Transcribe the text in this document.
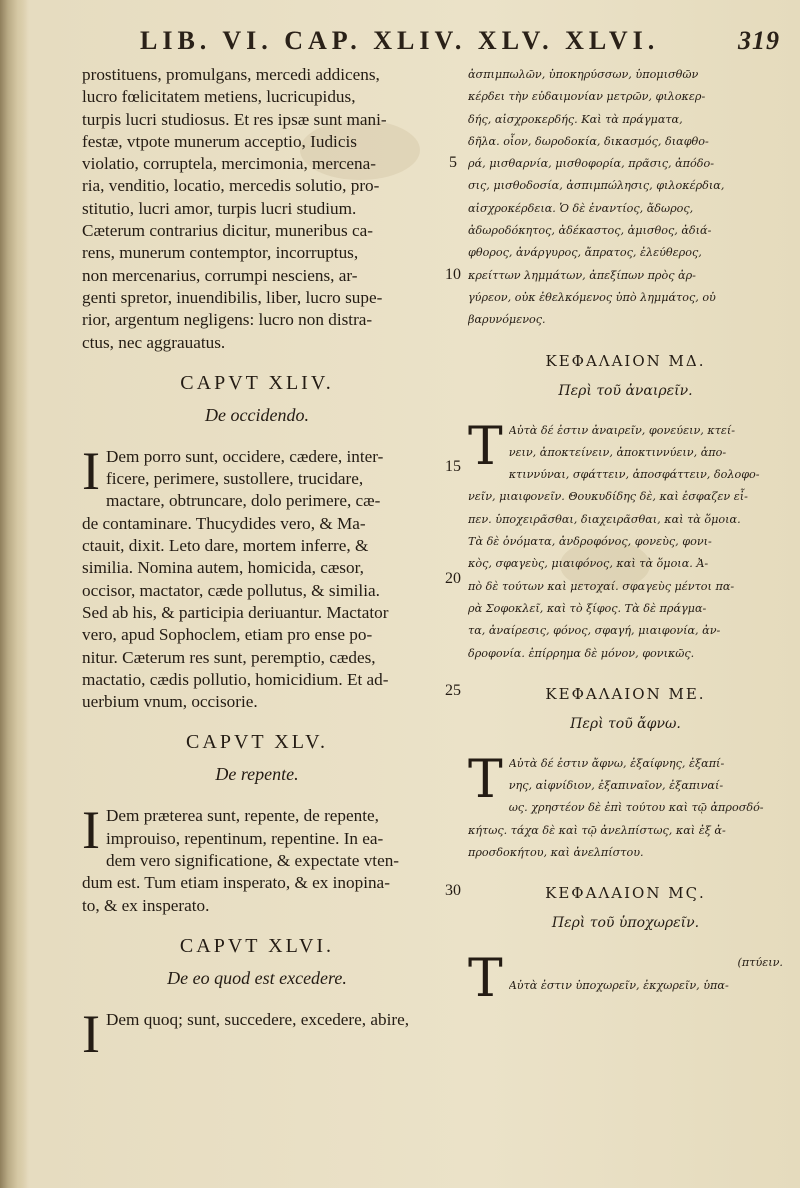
LIB. VI. CAP. XLIV. XLV. XLVI.	319
prostituens, promulgans, mercedi addicens,
lucro fœlicitatem metiens, lucricupidus,
turpis lucri studiosus. Et res ipsæ sunt mani-
festæ, vtpote munerum acceptio, Iudicis
violatio, corruptela, mercimonia, mercena-
ria, venditio, locatio, mercedis solutio, pro-
stitutio, lucri amor, turpis lucri studium.
Cæterum contrarius dicitur, muneribus ca-
rens, munerum contemptor, incorruptus,
non mercenarius, corrumpi nesciens, ar-
genti spretor, inuendibilis, liber, lucro supe-
rior, argentum negligens: lucro non distra-
ctus, nec aggrauatus.
CAPVT XLIV.
De occidendo.
I Dem porro sunt, occidere, cædere, inter-
ficere, perimere, sustollere, trucidare,
mactare, obtruncare, dolo perimere, cæ-
de contaminare. Thucydides vero, & Ma-
ctauit, dixit. Leto dare, mortem inferre, &
similia. Nomina autem, homicida, cæsor,
occisor, mactator, cæde pollutus, & similia.
Sed ab his, & participia deriuantur. Mactator
vero, apud Sophoclem, etiam pro ense po-
nitur. Cæterum res sunt, peremptio, cædes,
mactatio, cædis pollutio, homicidium. Et ad-
uerbium vnum, occisorie.
CAPVT XLV.
De repente.
I Dem præterea sunt, repente, de repente,
improuiso, repentinum, repentine. In ea-
dem vero significatione, & expectate vten-
dum est. Tum etiam insperato, & ex inopina-
to, & ex insperato.
CAPVT XLVI.
De eo quod est excedere.
I Dem quoq; sunt, succedere, excedere, abire,
5
10
15
20
25
30
ἀσπιμπωλῶν, ὑποκηρύσσων, ὑπομισθῶν
κέρδει τὴν εὐδαιμονίαν μετρῶν, φιλοκερ-
δής, αἰσχροκερδής. Καὶ τὰ πράγματα,
δῆλα. οἷον, δωροδοκία, δικασμός, διαφθο-
ρά, μισθαρνία, μισθοφορία, πρᾶσις, ἀπόδο-
σις, μισθοδοσία, ἀσπιμπώλησις, φιλοκέρδια,
αἰσχροκέρδεια. Ὁ δὲ ἐναντίος, ἄδωρος,
ἀδωροδόκητος, ἀδέκαστος, ἀμισθος, ἀδιά-
φθορος, ἀνάργυρος, ἄπρατος, ἐλεύθερος,
κρείττων λημμάτων, ἀπεξίπων πρὸς ἀρ-
γύρεον, οὐκ ἐθελκόμενος ὑπὸ λημμάτος, οὐ
βαρυνόμενος.
ΚΕΦΑΛΑΙΟΝ ΜΔ.
Περὶ τοῦ ἀναιρεῖν.
Τ Αὐτὰ δέ ἐστιν ἀναιρεῖν, φονεύειν, κτεί-
νειν, ἀποκτείνειν, ἀποκτιννύειν, ἀπο-
κτιννύναι, σφάττειν, ἀποσφάττειν, δολοφο-
νεῖν, μιαιφονεῖν. Θουκυδίδης δὲ, καὶ ἐσφαζεν εἶ-
πεν. ὑποχειρᾶσθαι, διαχειρᾶσθαι, καὶ τὰ ὅμοια.
Τὰ δὲ ὀνόματα, ἀνδροφόνος, φονεὺς, φονι-
κὸς, σφαγεὺς, μιαιφόνος, καὶ τὰ ὅμοια. Ἀ-
πὸ δὲ τούτων καὶ μετοχαί. σφαγεὺς μέντοι πα-
ρὰ Σοφοκλεῖ, καὶ τὸ ξίφος. Τὰ δὲ πράγμα-
τα, ἀναίρεσις, φόνος, σφαγή, μιαιφονία, ἀν-
δροφονία. ἐπίρρημα δὲ μόνον, φονικῶς.
ΚΕΦΑΛΑΙΟΝ ΜΕ.
Περὶ τοῦ ἄφνω.
Τ Αὐτὰ δέ ἐστιν ἄφνω, ἐξαίφνης, ἐξαπί-
νης, αἰφνίδιον, ἐξαπιναῖον, ἐξαπιναί-
ως. χρηστέον δὲ ἐπὶ τούτου καὶ τῷ ἀπροσδό-
κήτως. τάχα δὲ καὶ τῷ ἀνελπίστως, καὶ ἐξ ἀ-
προσδοκήτου, καὶ ἀνελπίστου.
ΚΕΦΑΛΑΙΟΝ ΜϚ.
Περὶ τοῦ ὑποχωρεῖν.
Τ	(πτύειν.
Αὐτὰ ἐστιν ὑποχωρεῖν, ἐκχωρεῖν, ὑπα-
